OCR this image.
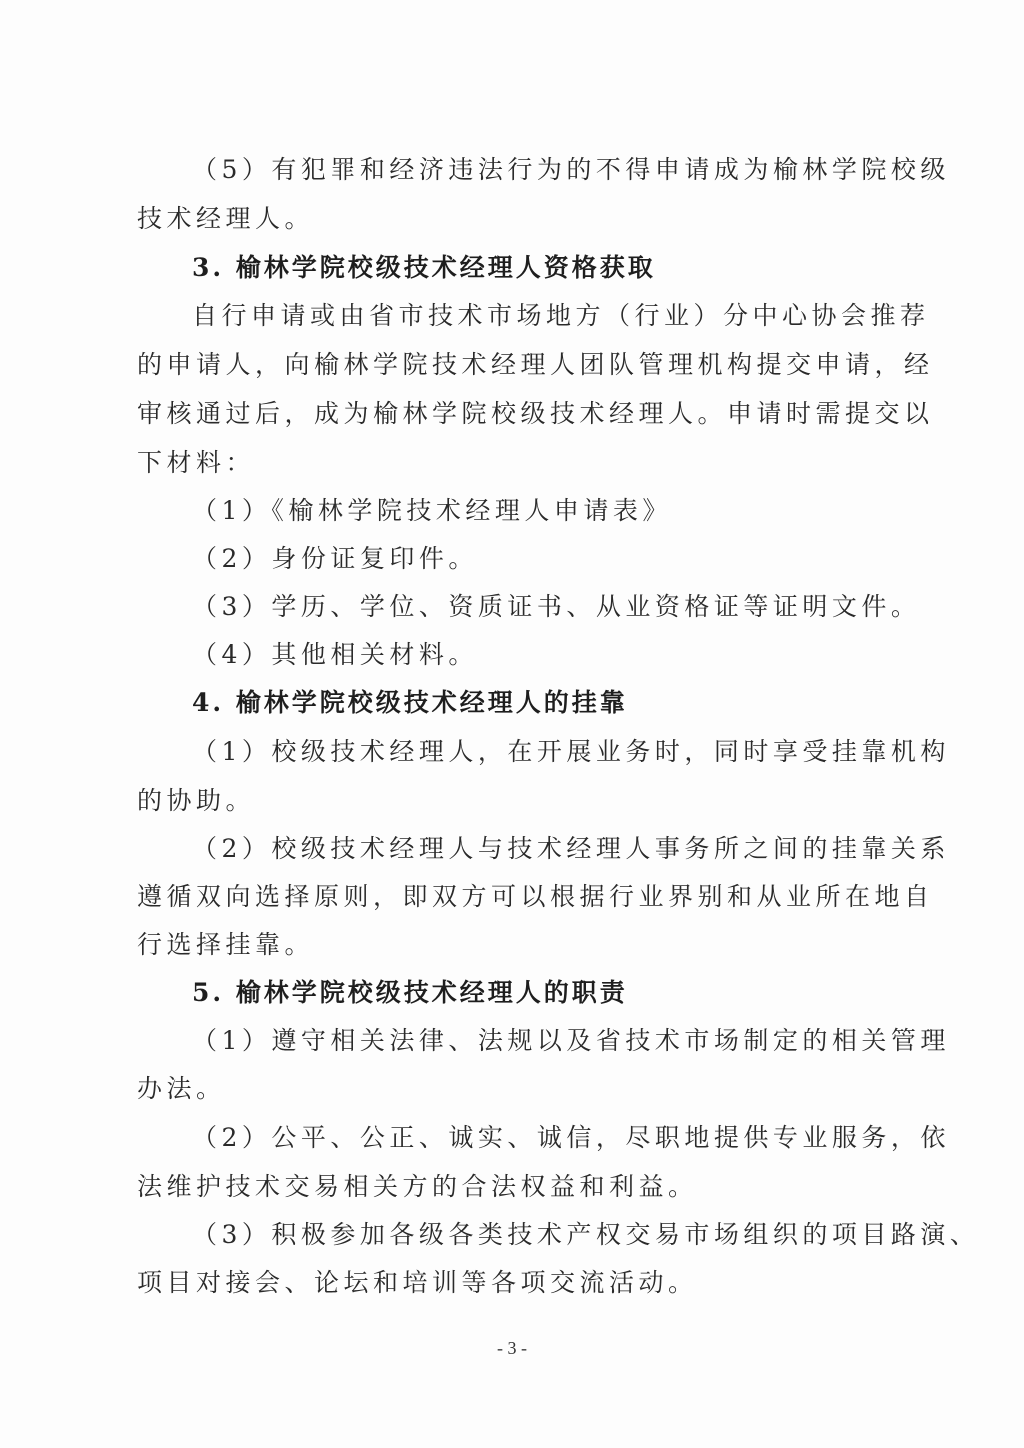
（5）有犯罪和经济违法行为的不得申请成为榆林学院校级
技术经理人。
3. 榆林学院校级技术经理人资格获取
自行申请或由省市技术市场地方（行业）分中心协会推荐
的申请人，向榆林学院技术经理人团队管理机构提交申请，经
审核通过后，成为榆林学院校级技术经理人。申请时需提交以
下材料：
（1）《榆林学院技术经理人申请表》
（2）身份证复印件。
（3）学历、学位、资质证书、从业资格证等证明文件。
（4）其他相关材料。
4. 榆林学院校级技术经理人的挂靠
（1）校级技术经理人，在开展业务时，同时享受挂靠机构
的协助。
（2）校级技术经理人与技术经理人事务所之间的挂靠关系
遵循双向选择原则，即双方可以根据行业界别和从业所在地自
行选择挂靠。
5. 榆林学院校级技术经理人的职责
（1）遵守相关法律、法规以及省技术市场制定的相关管理
办法。
（2）公平、公正、诚实、诚信，尽职地提供专业服务，依
法维护技术交易相关方的合法权益和利益。
（3）积极参加各级各类技术产权交易市场组织的项目路演、
项目对接会、论坛和培训等各项交流活动。
- 3 -
